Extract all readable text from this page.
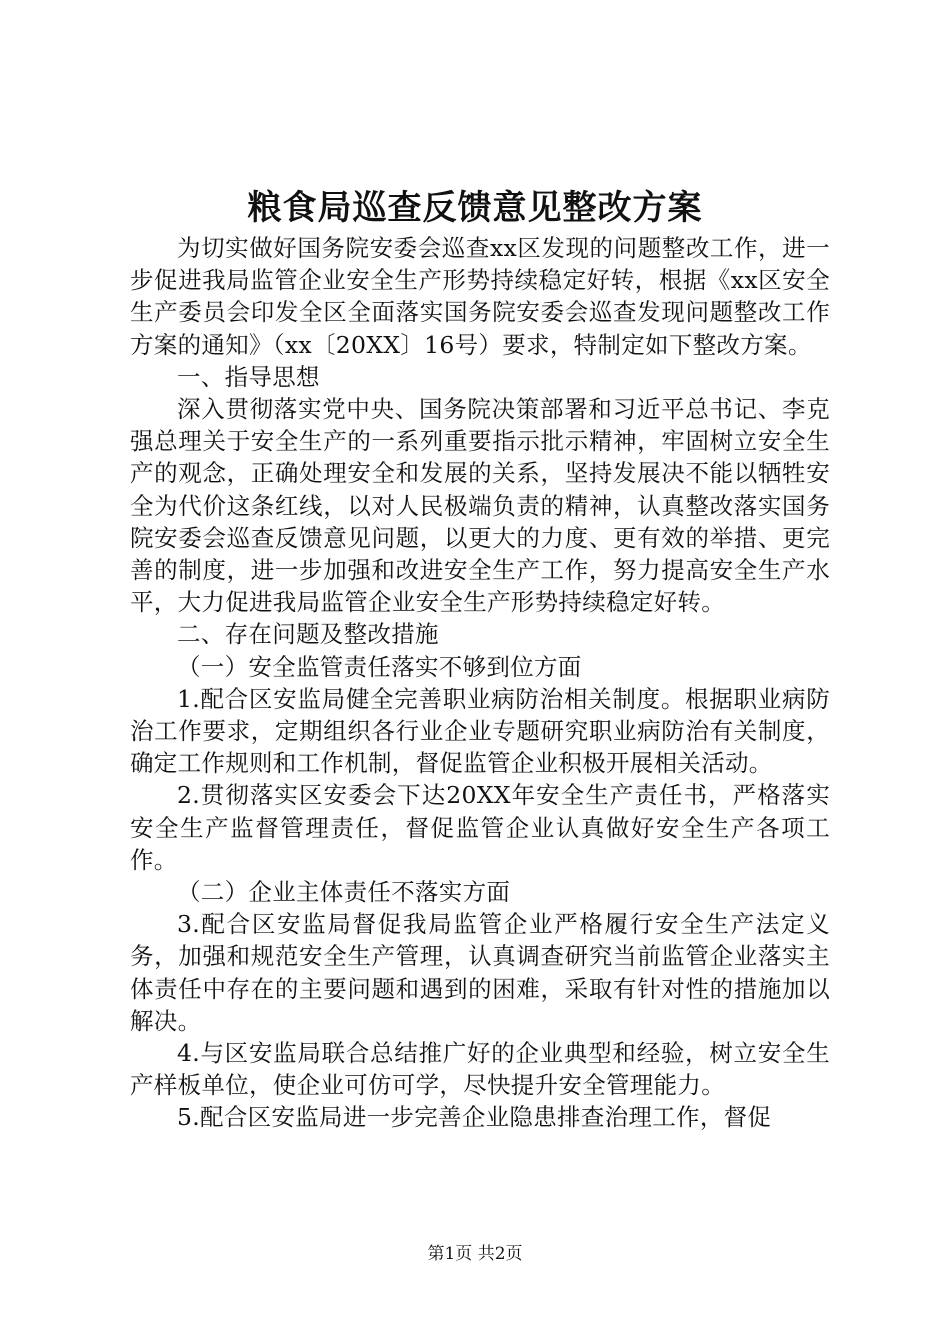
粮食局巡查反馈意见整改方案

为切实做好国务院安委会巡查xx区发现的问题整改工作，进一步促进我局监管企业安全生产形势持续稳定好转，根据《xx区安全生产委员会印发全区全面落实国务院安委会巡查发现问题整改工作方案的通知》（xx〔20XX〕16号）要求，特制定如下整改方案。

一、指导思想

深入贯彻落实党中央、国务院决策部署和习近平总书记、李克强总理关于安全生产的一系列重要指示批示精神，牢固树立安全生产的观念，正确处理安全和发展的关系，坚持发展决不能以牺牲安全为代价这条红线，以对人民极端负责的精神，认真整改落实国务院安委会巡查反馈意见问题，以更大的力度、更有效的举措、更完善的制度，进一步加强和改进安全生产工作，努力提高安全生产水平，大力促进我局监管企业安全生产形势持续稳定好转。

二、存在问题及整改措施

（一）安全监管责任落实不够到位方面

1.配合区安监局健全完善职业病防治相关制度。根据职业病防治工作要求，定期组织各行业企业专题研究职业病防治有关制度，确定工作规则和工作机制，督促监管企业积极开展相关活动。

2.贯彻落实区安委会下达20XX年安全生产责任书，严格落实安全生产监督管理责任，督促监管企业认真做好安全生产各项工作。

（二）企业主体责任不落实方面

3.配合区安监局督促我局监管企业严格履行安全生产法定义务，加强和规范安全生产管理，认真调查研究当前监管企业落实主体责任中存在的主要问题和遇到的困难，采取有针对性的措施加以解决。

4.与区安监局联合总结推广好的企业典型和经验，树立安全生产样板单位，使企业可仿可学，尽快提升安全管理能力。

5.配合区安监局进一步完善企业隐患排查治理工作，督促

第1页 共2页
